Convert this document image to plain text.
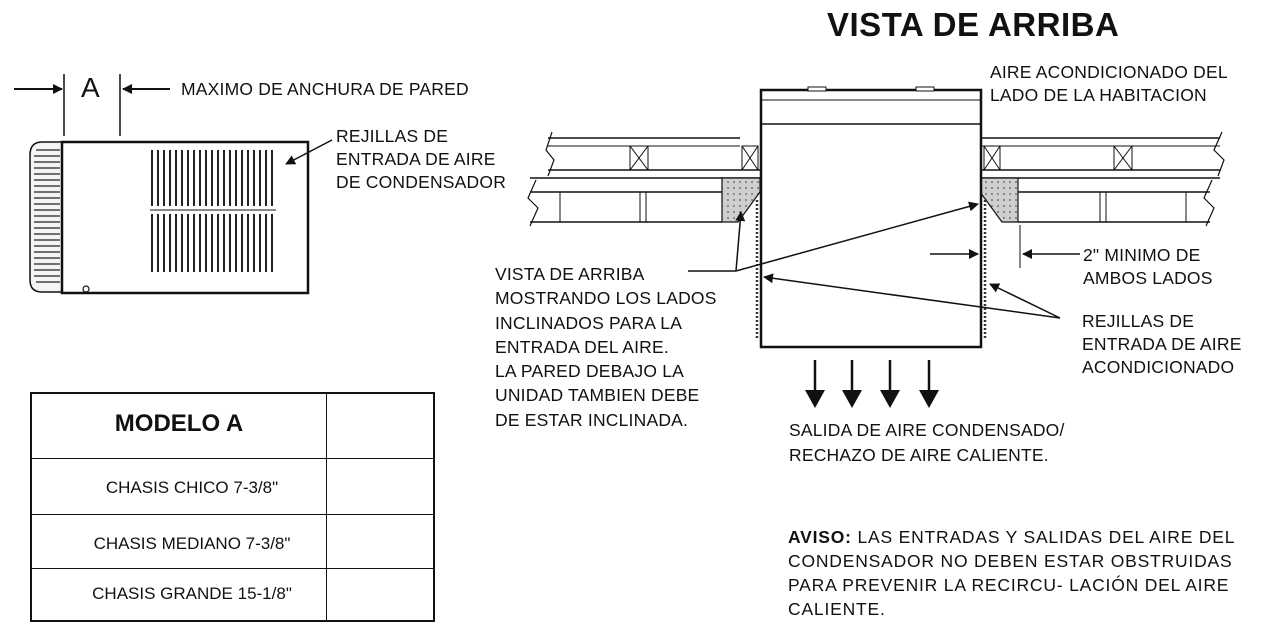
VISTA DE ARRIBA
A	MAXIMO DE ANCHURA DE PARED
REJILLAS DE
ENTRADA DE AIRE
DE CONDENSADOR
AIRE ACONDICIONADO DEL
LADO DE LA HABITACION
2" MINIMO DE
AMBOS LADOS
REJILLAS DE
ENTRADA DE AIRE
ACONDICIONADO
VISTA DE ARRIBA
MOSTRANDO LOS LADOS
INCLINADOS PARA LA
ENTRADA DEL AIRE.
LA PARED DEBAJO LA
UNIDAD TAMBIEN DEBE
DE ESTAR INCLINADA.
SALIDA DE AIRE CONDENSADO/
RECHAZO DE AIRE CALIENTE.
MODELO A
CHASIS CHICO 7-3/8"
CHASIS MEDIANO 7-3/8"
CHASIS GRANDE 15-1/8"
AVISO: LAS ENTRADAS Y SALIDAS DEL AIRE DEL CONDENSADOR NO DEBEN ESTAR OBSTRUIDAS PARA PREVENIR LA RECIRCU- LACIÓN DEL AIRE CALIENTE.
